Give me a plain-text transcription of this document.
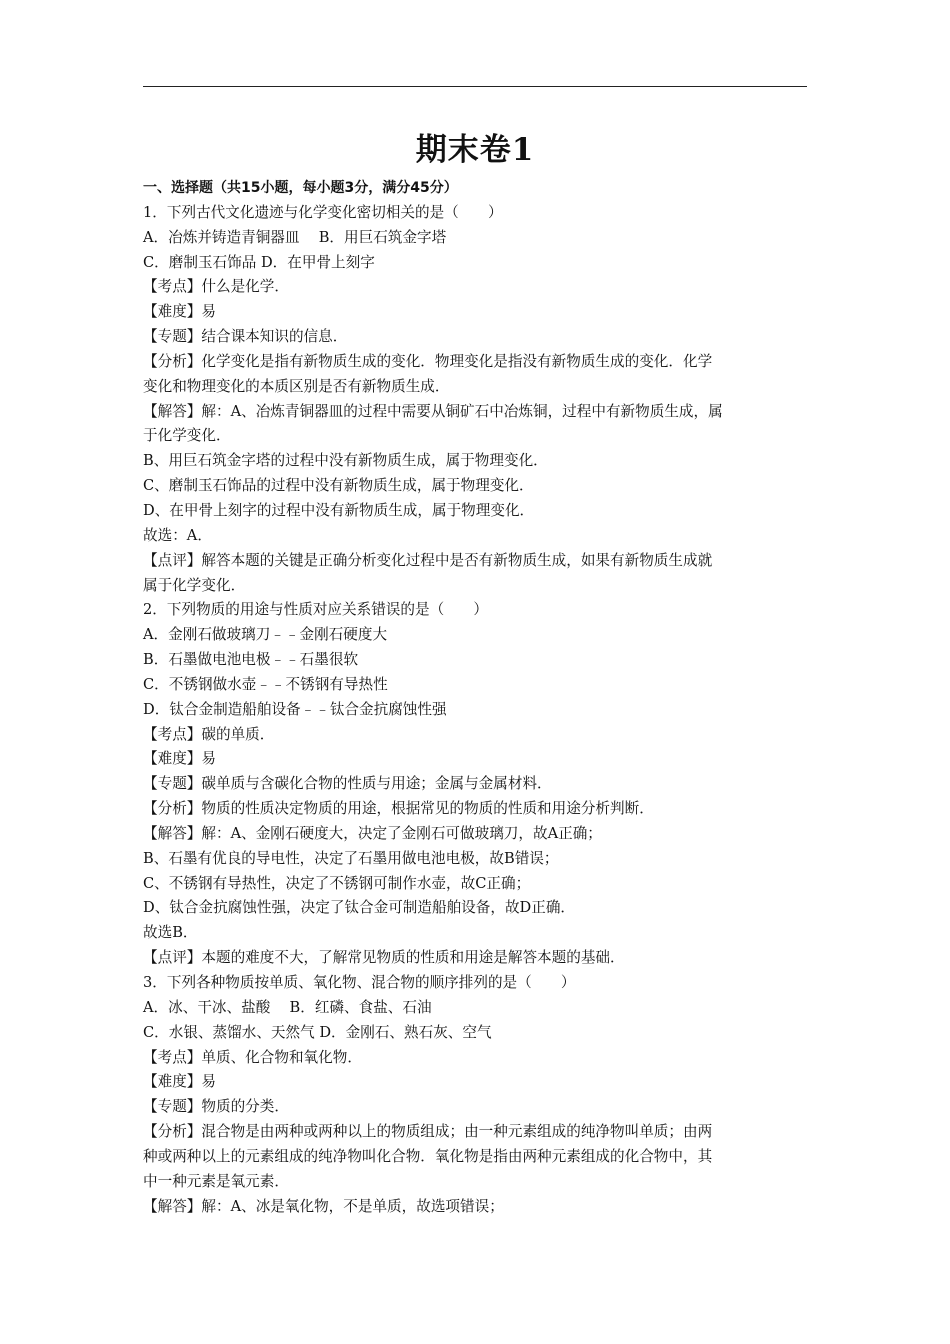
期末卷1
一、选择题（共15小题，每小题3分，满分45分）
1．下列古代文化遗迹与化学变化密切相关的是（　　）
A．冶炼并铸造青铜器皿　 B．用巨石筑金字塔
C．磨制玉石饰品 D．在甲骨上刻字
【考点】什么是化学．
【难度】易
【专题】结合课本知识的信息．
【分析】化学变化是指有新物质生成的变化．物理变化是指没有新物质生成的变化．化学
变化和物理变化的本质区别是否有新物质生成．
【解答】解：A、冶炼青铜器皿的过程中需要从铜矿石中冶炼铜，过程中有新物质生成，属
于化学变化．
B、用巨石筑金字塔的过程中没有新物质生成，属于物理变化．
C、磨制玉石饰品的过程中没有新物质生成，属于物理变化．
D、在甲骨上刻字的过程中没有新物质生成，属于物理变化．
故选：A．
【点评】解答本题的关键是正确分析变化过程中是否有新物质生成，如果有新物质生成就
属于化学变化．
2．下列物质的用途与性质对应关系错误的是（　　）
A．金刚石做玻璃刀﹣﹣金刚石硬度大
B．石墨做电池电极﹣﹣石墨很软
C．不锈钢做水壶﹣﹣不锈钢有导热性
D．钛合金制造船舶设备﹣﹣钛合金抗腐蚀性强
【考点】碳的单质．
【难度】易
【专题】碳单质与含碳化合物的性质与用途；金属与金属材料．
【分析】物质的性质决定物质的用途，根据常见的物质的性质和用途分析判断．
【解答】解：A、金刚石硬度大，决定了金刚石可做玻璃刀，故A正确；
B、石墨有优良的导电性，决定了石墨用做电池电极，故B错误；
C、不锈钢有导热性，决定了不锈钢可制作水壶，故C正确；
D、钛合金抗腐蚀性强，决定了钛合金可制造船舶设备，故D正确．
故选B．
【点评】本题的难度不大，了解常见物质的性质和用途是解答本题的基础．
3．下列各种物质按单质、氧化物、混合物的顺序排列的是（　　）
A．冰、干冰、盐酸　 B．红磷、食盐、石油
C．水银、蒸馏水、天然气 D．金刚石、熟石灰、空气
【考点】单质、化合物和氧化物．
【难度】易
【专题】物质的分类．
【分析】混合物是由两种或两种以上的物质组成；由一种元素组成的纯净物叫单质；由两
种或两种以上的元素组成的纯净物叫化合物．氧化物是指由两种元素组成的化合物中，其
中一种元素是氧元素．
【解答】解：A、冰是氧化物，不是单质，故选项错误；
